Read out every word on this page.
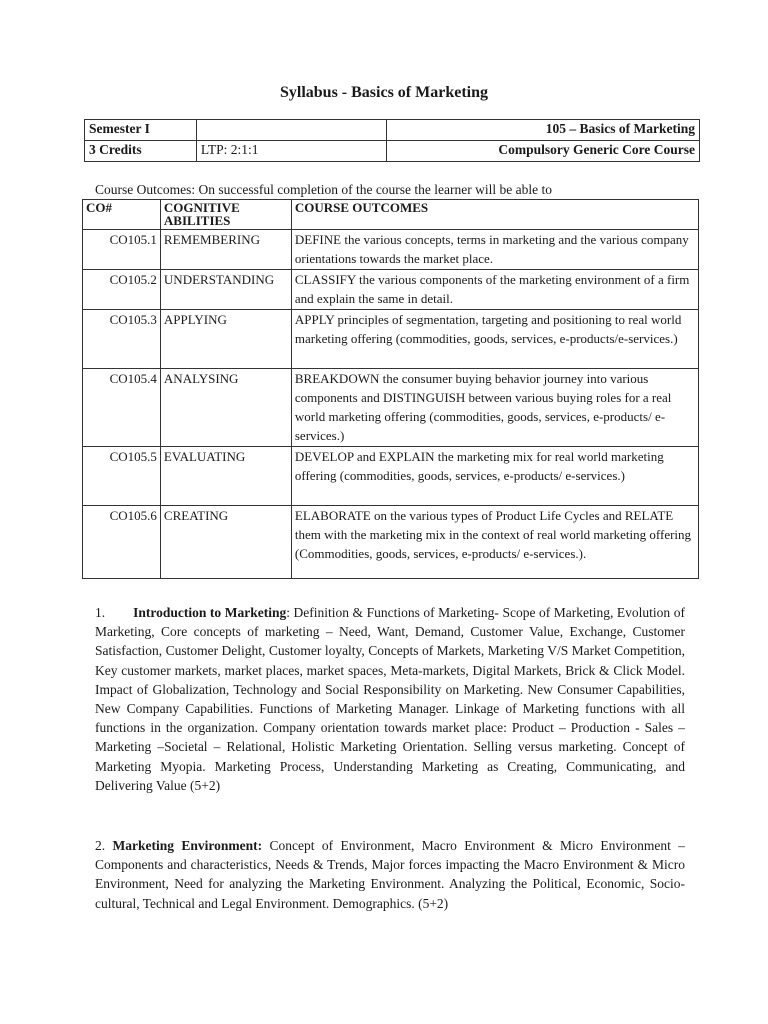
Syllabus - Basics of Marketing
Semester I		105 – Basics of Marketing
3 Credits	LTP: 2:1:1	Compulsory Generic Core Course
Course Outcomes: On successful completion of the course the learner will be able to
CO#	COGNITIVE ABILITIES	COURSE OUTCOMES
CO105.1	REMEMBERING	DEFINE the various concepts, terms in marketing and the various company orientations towards the market place.
CO105.2	UNDERSTANDING	CLASSIFY the various components of the marketing environment of a firm and explain the same in detail.
CO105.3	APPLYING	APPLY principles of segmentation, targeting and positioning to real world marketing offering (commodities, goods, services, e-products/e-services.)
CO105.4	ANALYSING	BREAKDOWN the consumer buying behavior journey into various components and DISTINGUISH between various buying roles for a real world marketing offering (commodities, goods, services, e-products/ e-services.)
CO105.5	EVALUATING	DEVELOP and EXPLAIN the marketing mix for real world marketing offering (commodities, goods, services, e-products/ e-services.)
CO105.6	CREATING	ELABORATE on the various types of Product Life Cycles and RELATE them with the marketing mix in the context of real world marketing offering (Commodities, goods, services, e-products/ e-services.).
1. Introduction to Marketing: Definition & Functions of Marketing- Scope of Marketing, Evolution of Marketing, Core concepts of marketing – Need, Want, Demand, Customer Value, Exchange, Customer Satisfaction, Customer Delight, Customer loyalty, Concepts of Markets, Marketing V/S Market Competition, Key customer markets, market places, market spaces, Meta-markets, Digital Markets, Brick & Click Model. Impact of Globalization, Technology and Social Responsibility on Marketing. New Consumer Capabilities, New Company Capabilities. Functions of Marketing Manager. Linkage of Marketing functions with all functions in the organization. Company orientation towards market place: Product – Production - Sales – Marketing –Societal – Relational, Holistic Marketing Orientation. Selling versus marketing. Concept of Marketing Myopia. Marketing Process, Understanding Marketing as Creating, Communicating, and Delivering Value (5+2)
2. Marketing Environment: Concept of Environment, Macro Environment & Micro Environment – Components and characteristics, Needs & Trends, Major forces impacting the Macro Environment & Micro Environment, Need for analyzing the Marketing Environment. Analyzing the Political, Economic, Socio-cultural, Technical and Legal Environment. Demographics. (5+2)
